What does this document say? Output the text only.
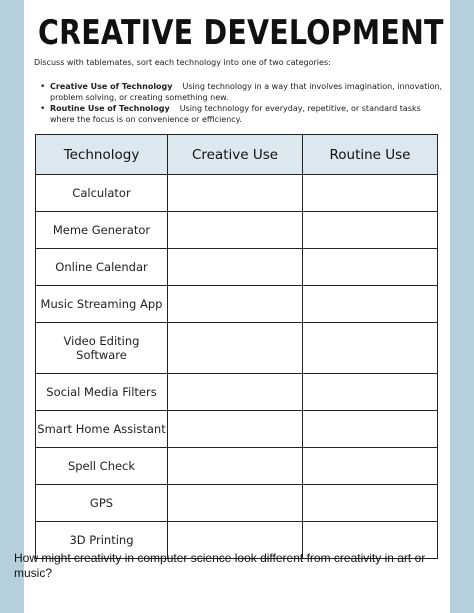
CREATIVE DEVELOPMENT
Discuss with tablemates, sort each technology into one of two categories:
• Creative Use of Technology Using technology in a way that involves imagination, innovation, problem solving, or creating something new.
• Routine Use of Technology Using technology for everyday, repetitive, or standard tasks where the focus is on convenience or efficiency.
Technology	Creative Use	Routine Use
Calculator		
Meme Generator		
Online Calendar		
Music Streaming App		
Video Editing Software		
Social Media Filters		
Smart Home Assistant		
Spell Check		
GPS		
3D Printing		

How might creativity in computer science look different from creativity in art or music?
